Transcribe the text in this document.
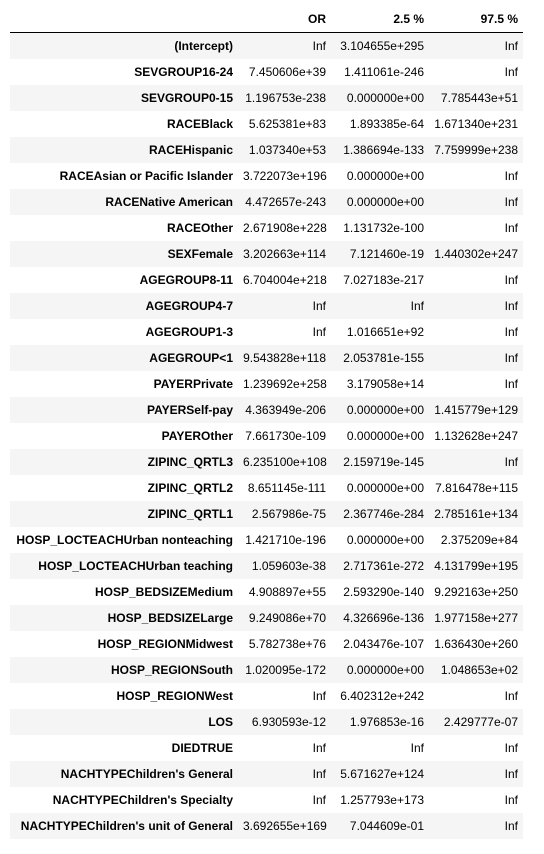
	OR	2.5 %	97.5 %
(Intercept)	Inf	3.104655e+295	Inf
SEVGROUP16-24	7.450606e+39	1.411061e-246	Inf
SEVGROUP0-15	1.196753e-238	0.000000e+00	7.785443e+51
RACEBlack	5.625381e+83	1.893385e-64	1.671340e+231
RACEHispanic	1.037340e+53	1.386694e-133	7.759999e+238
RACEAsian or Pacific Islander	3.722073e+196	0.000000e+00	Inf
RACENative American	4.472657e-243	0.000000e+00	Inf
RACEOther	2.671908e+228	1.131732e-100	Inf
SEXFemale	3.202663e+114	7.121460e-19	1.440302e+247
AGEGROUP8-11	6.704004e+218	7.027183e-217	Inf
AGEGROUP4-7	Inf	Inf	Inf
AGEGROUP1-3	Inf	1.016651e+92	Inf
AGEGROUP<1	9.543828e+118	2.053781e-155	Inf
PAYERPrivate	1.239692e+258	3.179058e+14	Inf
PAYERSelf-pay	4.363949e-206	0.000000e+00	1.415779e+129
PAYEROther	7.661730e-109	0.000000e+00	1.132628e+247
ZIPINC_QRTL3	6.235100e+108	2.159719e-145	Inf
ZIPINC_QRTL2	8.651145e-111	0.000000e+00	7.816478e+115
ZIPINC_QRTL1	2.567986e-75	2.367746e-284	2.785161e+134
HOSP_LOCTEACHUrban nonteaching	1.421710e-196	0.000000e+00	2.375209e+84
HOSP_LOCTEACHUrban teaching	1.059603e-38	2.717361e-272	4.131799e+195
HOSP_BEDSIZEMedium	4.908897e+55	2.593290e-140	9.292163e+250
HOSP_BEDSIZELarge	9.249086e+70	4.326696e-136	1.977158e+277
HOSP_REGIONMidwest	5.782738e+76	2.043476e-107	1.636430e+260
HOSP_REGIONSouth	1.020095e-172	0.000000e+00	1.048653e+02
HOSP_REGIONWest	Inf	6.402312e+242	Inf
LOS	6.930593e-12	1.976853e-16	2.429777e-07
DIEDTRUE	Inf	Inf	Inf
NACHTYPEChildren's General	Inf	5.671627e+124	Inf
NACHTYPEChildren's Specialty	Inf	1.257793e+173	Inf
NACHTYPEChildren's unit of General	3.692655e+169	7.044609e-01	Inf
